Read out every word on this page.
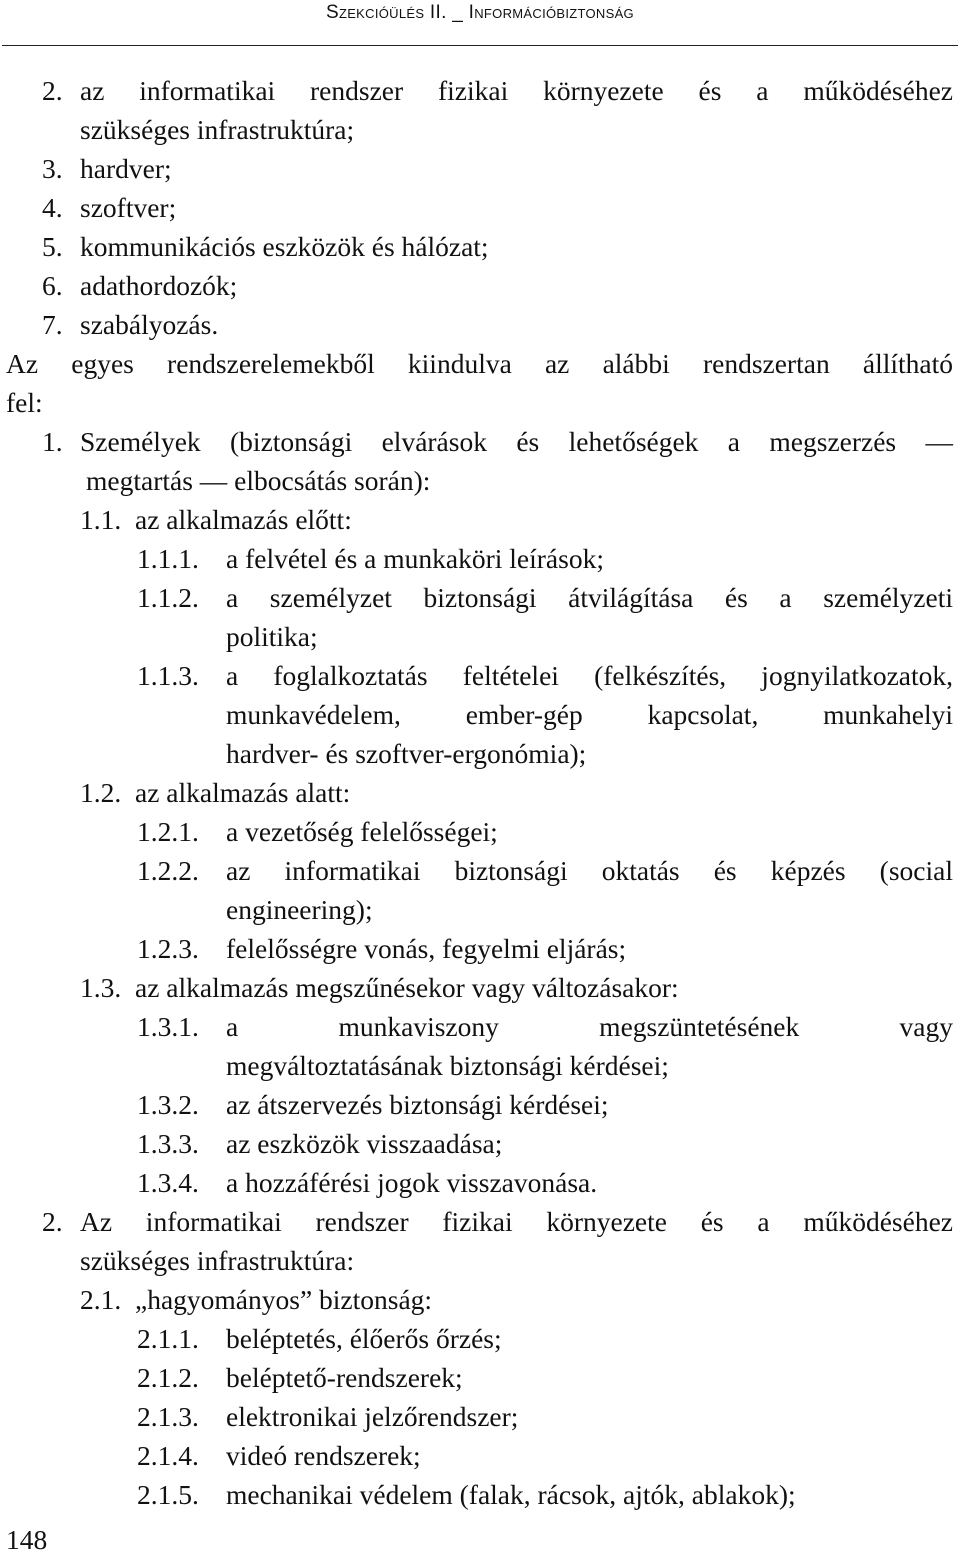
Szekcióülés II. _ Információbiztonság
2. az informatikai rendszer fizikai környezete és a működéséhez
szükséges infrastruktúra;
3. hardver;
4. szoftver;
5. kommunikációs eszközök és hálózat;
6. adathordozók;
7. szabályozás.
Az egyes rendszerelemekből kiindulva az alábbi rendszertan állítható
fel:
1. Személyek (biztonsági elvárások és lehetőségek a megszerzés —
megtartás — elbocsátás során):
1.1. az alkalmazás előtt:
1.1.1. a felvétel és a munkaköri leírások;
1.1.2. a személyzet biztonsági átvilágítása és a személyzeti
politika;
1.1.3. a foglalkoztatás feltételei (felkészítés, jognyilatkozatok,
munkavédelem, ember-gép kapcsolat, munkahelyi
hardver- és szoftver-ergonómia);
1.2. az alkalmazás alatt:
1.2.1. a vezetőség felelősségei;
1.2.2. az informatikai biztonsági oktatás és képzés (social
engineering);
1.2.3. felelősségre vonás, fegyelmi eljárás;
1.3. az alkalmazás megszűnésekor vagy változásakor:
1.3.1. a munkaviszony megszüntetésének vagy
megváltoztatásának biztonsági kérdései;
1.3.2. az átszervezés biztonsági kérdései;
1.3.3. az eszközök visszaadása;
1.3.4. a hozzáférési jogok visszavonása.
2. Az informatikai rendszer fizikai környezete és a működéséhez
szükséges infrastruktúra:
2.1. „hagyományos” biztonság:
2.1.1. beléptetés, élőerős őrzés;
2.1.2. beléptető-rendszerek;
2.1.3. elektronikai jelzőrendszer;
2.1.4. videó rendszerek;
2.1.5. mechanikai védelem (falak, rácsok, ajtók, ablakok);
148
